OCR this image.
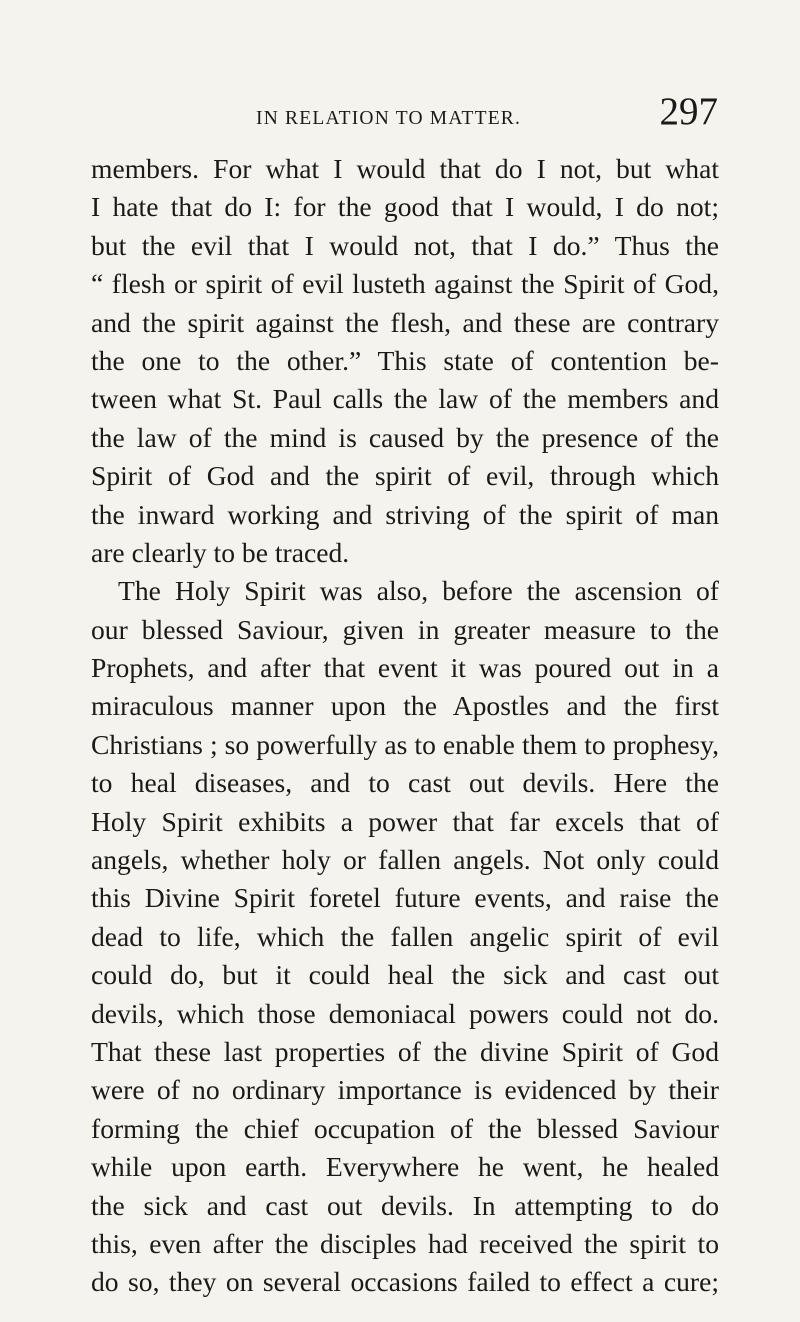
IN RELATION TO MATTER.	297
members. For what I would that do I not, but what
I hate that do I: for the good that I would, I do not;
but the evil that I would not, that I do.” Thus the
“ flesh or spirit of evil lusteth against the Spirit of God,
and the spirit against the flesh, and these are contrary
the one to the other.” This state of contention be-
tween what St. Paul calls the law of the members and
the law of the mind is caused by the presence of the
Spirit of God and the spirit of evil, through which
the inward working and striving of the spirit of man
are clearly to be traced.
The Holy Spirit was also, before the ascension of
our blessed Saviour, given in greater measure to the
Prophets, and after that event it was poured out in a
miraculous manner upon the Apostles and the first
Christians ; so powerfully as to enable them to prophesy,
to heal diseases, and to cast out devils. Here the
Holy Spirit exhibits a power that far excels that of
angels, whether holy or fallen angels. Not only could
this Divine Spirit foretel future events, and raise the
dead to life, which the fallen angelic spirit of evil
could do, but it could heal the sick and cast out
devils, which those demoniacal powers could not do.
That these last properties of the divine Spirit of God
were of no ordinary importance is evidenced by their
forming the chief occupation of the blessed Saviour
while upon earth. Everywhere he went, he healed
the sick and cast out devils. In attempting to do
this, even after the disciples had received the spirit to
do so, they on several occasions failed to effect a cure;
